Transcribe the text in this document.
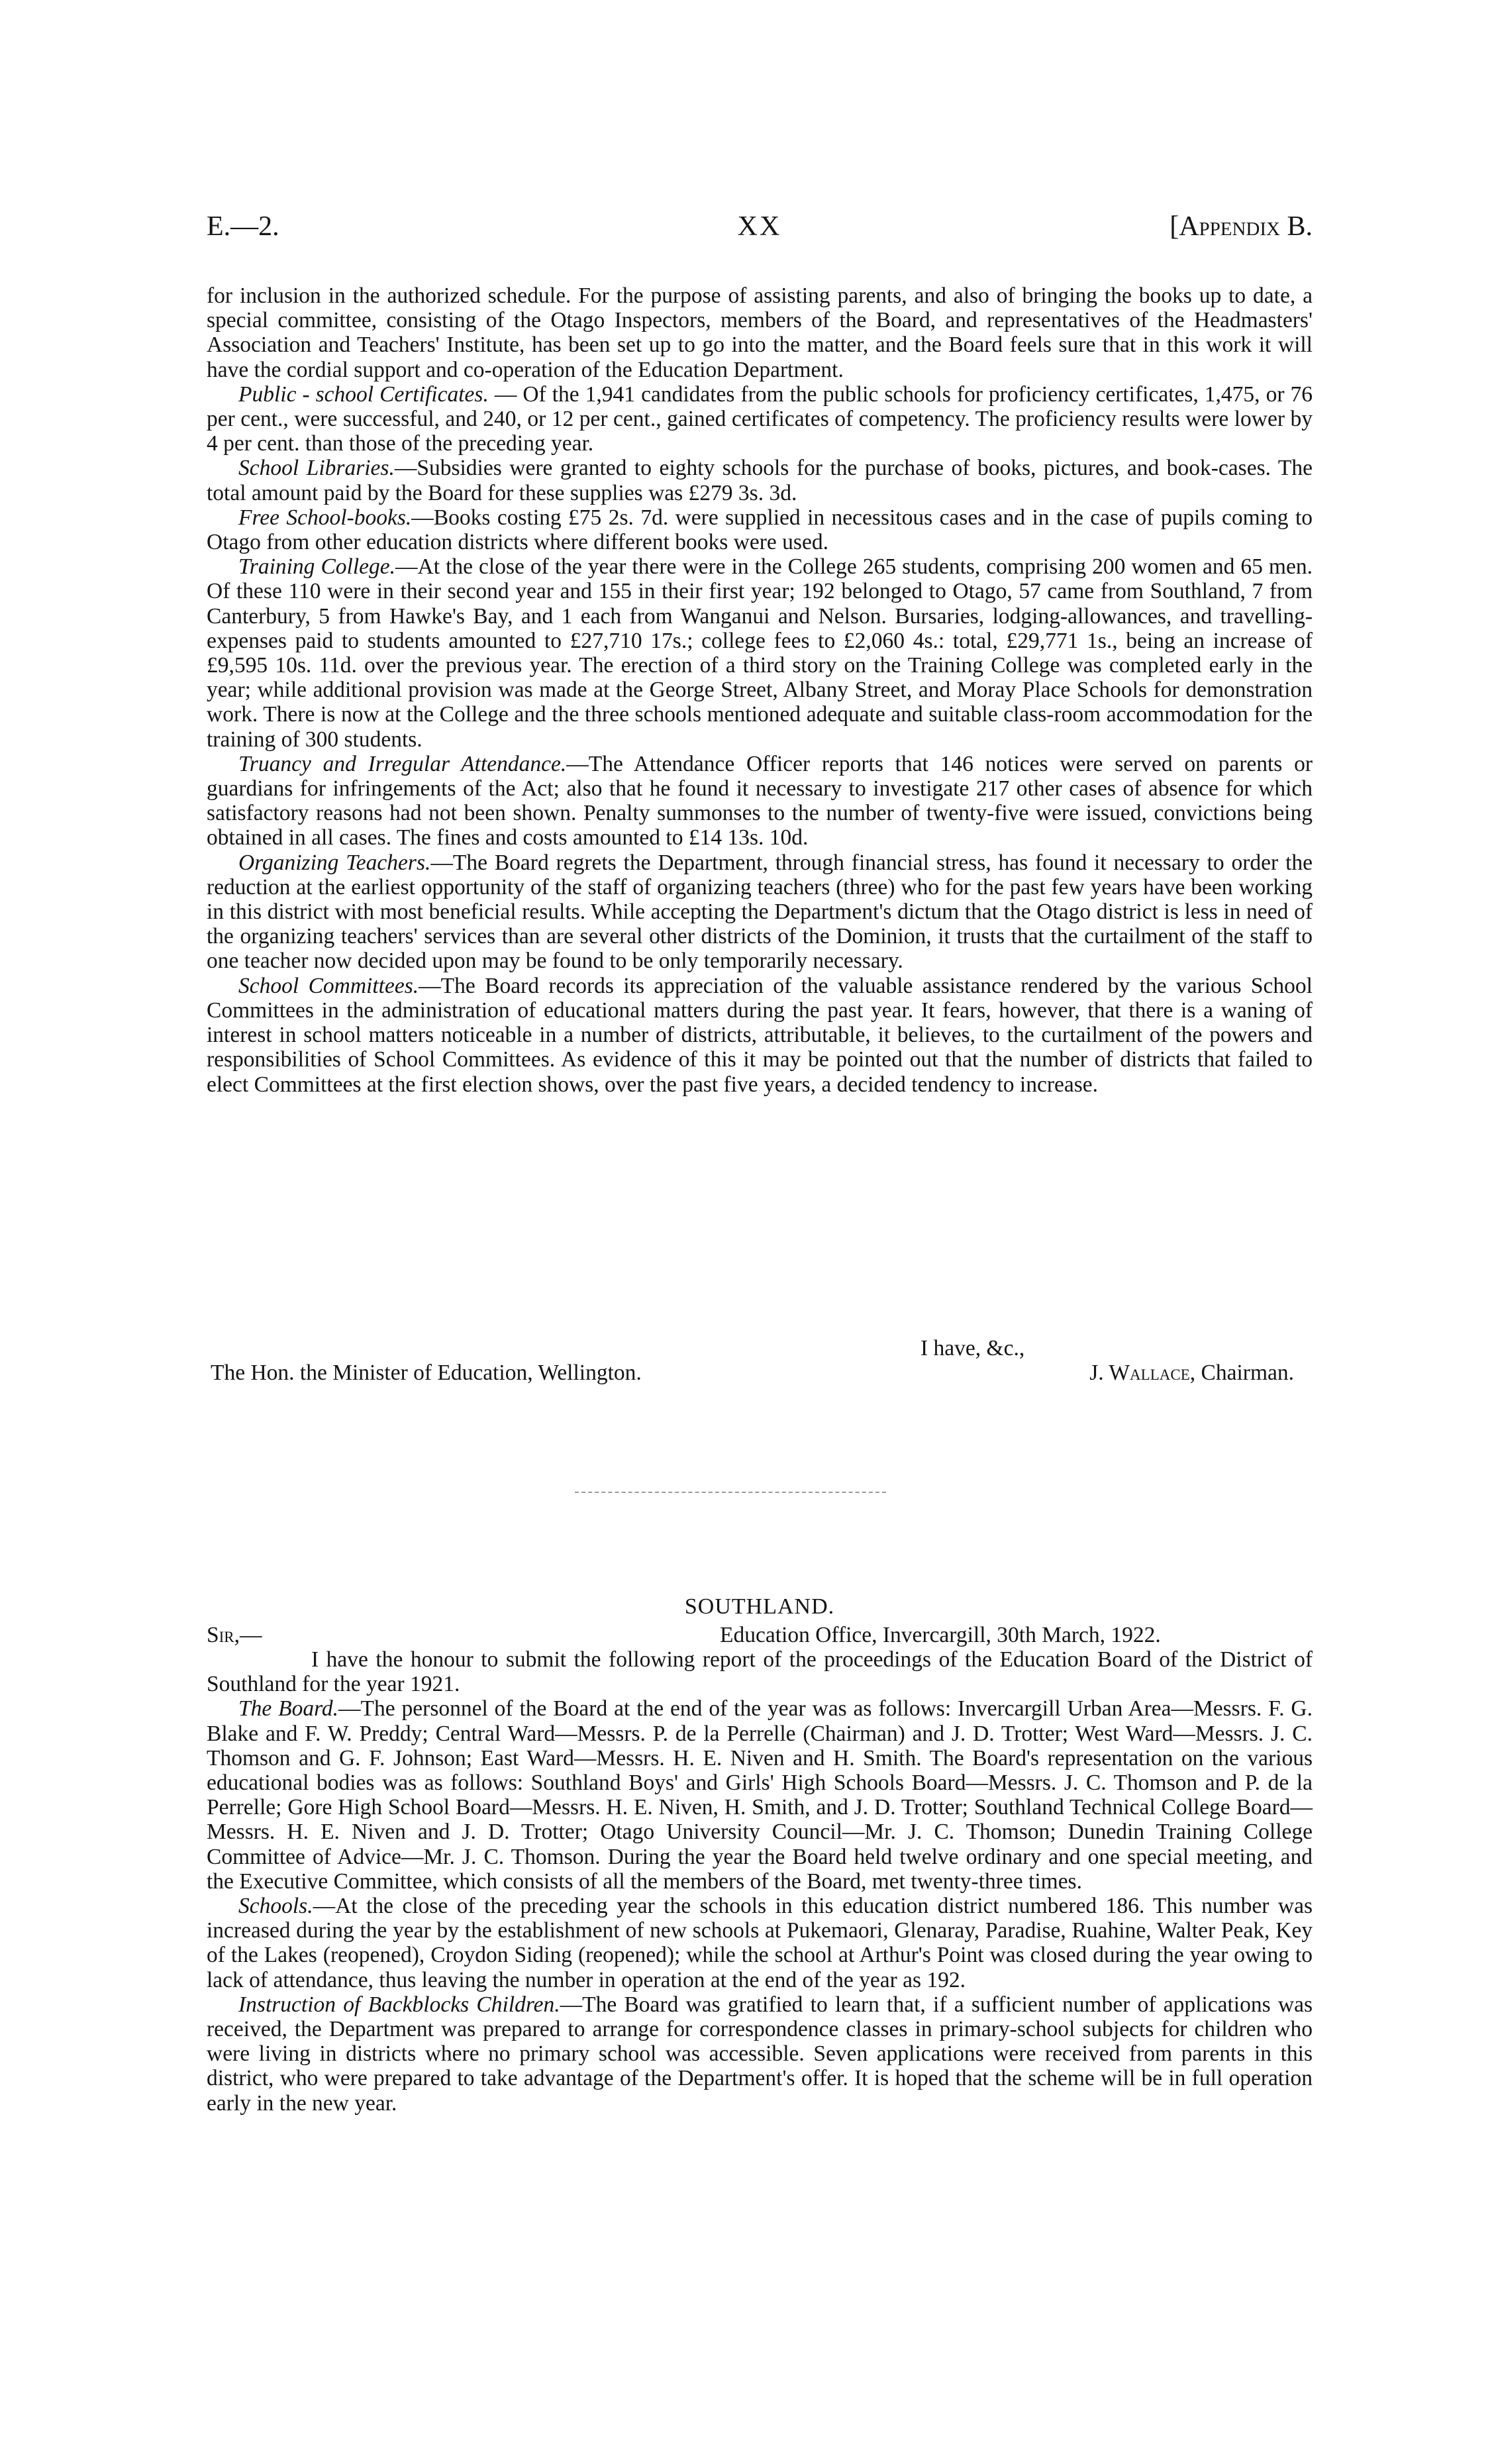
E.—2.	XX	[Appendix B.

for inclusion in the authorized schedule. For the purpose of assisting parents, and also of bringing the books up to date, a special committee, consisting of the Otago Inspectors, members of the Board, and representatives of the Headmasters' Association and Teachers' Institute, has been set up to go into the matter, and the Board feels sure that in this work it will have the cordial support and co-operation of the Education Department.

Public - school Certificates. — Of the 1,941 candidates from the public schools for proficiency certificates, 1,475, or 76 per cent., were successful, and 240, or 12 per cent., gained certificates of competency. The proficiency results were lower by 4 per cent. than those of the preceding year.

School Libraries.—Subsidies were granted to eighty schools for the purchase of books, pictures, and book-cases. The total amount paid by the Board for these supplies was £279 3s. 3d.

Free School-books.—Books costing £75 2s. 7d. were supplied in necessitous cases and in the case of pupils coming to Otago from other education districts where different books were used.

Training College.—At the close of the year there were in the College 265 students, comprising 200 women and 65 men. Of these 110 were in their second year and 155 in their first year; 192 belonged to Otago, 57 came from Southland, 7 from Canterbury, 5 from Hawke's Bay, and 1 each from Wanganui and Nelson. Bursaries, lodging-allowances, and travelling-expenses paid to students amounted to £27,710 17s.; college fees to £2,060 4s.: total, £29,771 1s., being an increase of £9,595 10s. 11d. over the previous year. The erection of a third story on the Training College was completed early in the year; while additional provision was made at the George Street, Albany Street, and Moray Place Schools for demonstration work. There is now at the College and the three schools mentioned adequate and suitable class-room accommodation for the training of 300 students.

Truancy and Irregular Attendance.—The Attendance Officer reports that 146 notices were served on parents or guardians for infringements of the Act; also that he found it necessary to investigate 217 other cases of absence for which satisfactory reasons had not been shown. Penalty summonses to the number of twenty-five were issued, convictions being obtained in all cases. The fines and costs amounted to £14 13s. 10d.

Organizing Teachers.—The Board regrets the Department, through financial stress, has found it necessary to order the reduction at the earliest opportunity of the staff of organizing teachers (three) who for the past few years have been working in this district with most beneficial results. While accepting the Department's dictum that the Otago district is less in need of the organizing teachers' services than are several other districts of the Dominion, it trusts that the curtailment of the staff to one teacher now decided upon may be found to be only temporarily necessary.

School Committees.—The Board records its appreciation of the valuable assistance rendered by the various School Committees in the administration of educational matters during the past year. It fears, however, that there is a waning of interest in school matters noticeable in a number of districts, attributable, it believes, to the curtailment of the powers and responsibilities of School Committees. As evidence of this it may be pointed out that the number of districts that failed to elect Committees at the first election shows, over the past five years, a decided tendency to increase.

I have, &c.,
The Hon. the Minister of Education, Wellington.	J. Wallace, Chairman.
SOUTHLAND.
Sir,—	Education Office, Invercargill, 30th March, 1922.

I have the honour to submit the following report of the proceedings of the Education Board of the District of Southland for the year 1921.

The Board.—The personnel of the Board at the end of the year was as follows: Invercargill Urban Area—Messrs. F. G. Blake and F. W. Preddy; Central Ward—Messrs. P. de la Perrelle (Chairman) and J. D. Trotter; West Ward—Messrs. J. C. Thomson and G. F. Johnson; East Ward—Messrs. H. E. Niven and H. Smith. The Board's representation on the various educational bodies was as follows: Southland Boys' and Girls' High Schools Board—Messrs. J. C. Thomson and P. de la Perrelle; Gore High School Board—Messrs. H. E. Niven, H. Smith, and J. D. Trotter; Southland Technical College Board—Messrs. H. E. Niven and J. D. Trotter; Otago University Council—Mr. J. C. Thomson; Dunedin Training College Committee of Advice—Mr. J. C. Thomson. During the year the Board held twelve ordinary and one special meeting, and the Executive Committee, which consists of all the members of the Board, met twenty-three times.

Schools.—At the close of the preceding year the schools in this education district numbered 186. This number was increased during the year by the establishment of new schools at Pukemaori, Glenaray, Paradise, Ruahine, Walter Peak, Key of the Lakes (reopened), Croydon Siding (reopened); while the school at Arthur's Point was closed during the year owing to lack of attendance, thus leaving the number in operation at the end of the year as 192.

Instruction of Backblocks Children.—The Board was gratified to learn that, if a sufficient number of applications was received, the Department was prepared to arrange for correspondence classes in primary-school subjects for children who were living in districts where no primary school was accessible. Seven applications were received from parents in this district, who were prepared to take advantage of the Department's offer. It is hoped that the scheme will be in full operation early in the new year.
